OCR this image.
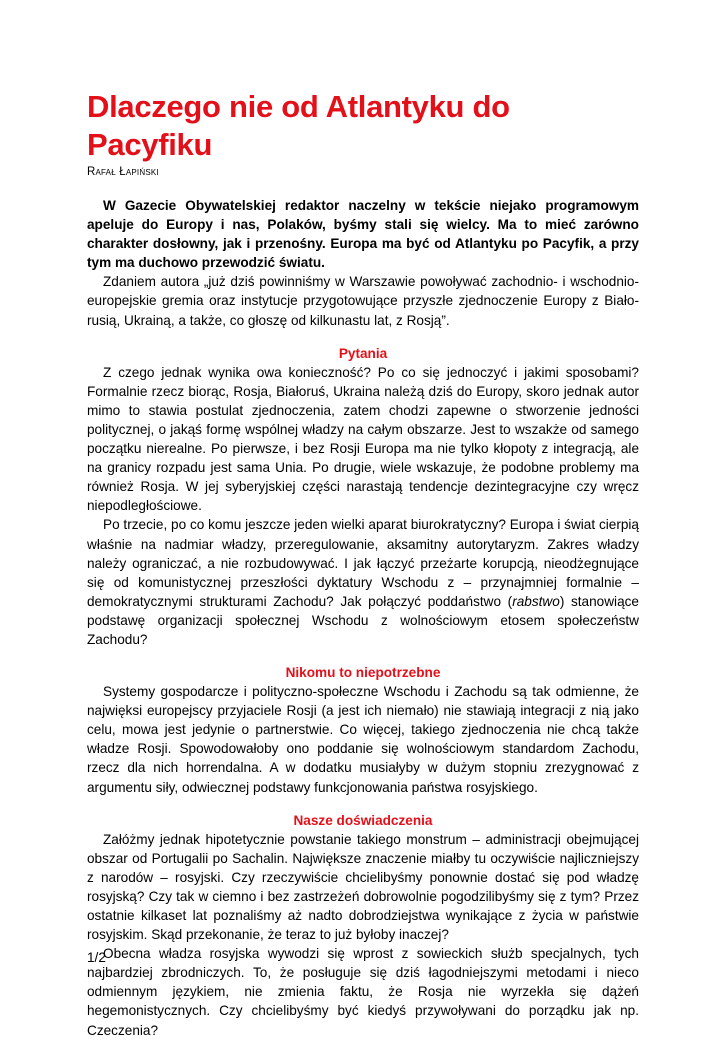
Dlaczego nie od Atlantyku do Pacyfiku
Rafał Łapiński

W Gazecie Obywatelskiej redaktor naczelny w tekście niejako programowym apeluje do Europy i nas, Polaków, byśmy stali się wielcy. Ma to mieć zarówno charakter dosłowny, jak i przenośny. Europa ma być od Atlantyku po Pacyfik, a przy tym ma duchowo przewodzić światu.

Zdaniem autora „już dziś powinniśmy w Warszawie powoływać zachodnio- i wschodnio-europejskie gremia oraz instytucje przygotowujące przyszłe zjednoczenie Europy z Biało-rusią, Ukrainą, a także, co głoszę od kilkunastu lat, z Rosją”.

Pytania

Z czego jednak wynika owa konieczność? Po co się jednoczyć i jakimi sposobami? Formalnie rzecz biorąc, Rosja, Białoruś, Ukraina należą dziś do Europy, skoro jednak autor mimo to stawia postulat zjednoczenia, zatem chodzi zapewne o stworzenie jedności politycznej, o jakąś formę wspólnej władzy na całym obszarze. Jest to wszakże od samego początku nierealne. Po pierwsze, i bez Rosji Europa ma nie tylko kłopoty z integracją, ale na granicy rozpadu jest sama Unia. Po drugie, wiele wskazuje, że podobne problemy ma również Rosja. W jej syberyjskiej części narastają tendencje dezintegracyjne czy wręcz niepodległościowe.

Po trzecie, po co komu jeszcze jeden wielki aparat biurokratyczny? Europa i świat cierpią właśnie na nadmiar władzy, przeregulowanie, aksamitny autorytaryzm. Zakres władzy należy ograniczać, a nie rozbudowywać. I jak łączyć przeżarte korupcją, nieodżegnujące się od komunistycznej przeszłości dyktatury Wschodu z – przynajmniej formalnie – demokratycznymi strukturami Zachodu? Jak połączyć poddaństwo (rabstwo) stanowiące podstawę organizacji społecznej Wschodu z wolnościowym etosem społeczeństw Zachodu?

Nikomu to niepotrzebne

Systemy gospodarcze i polityczno-społeczne Wschodu i Zachodu są tak odmienne, że najwięksi europejscy przyjaciele Rosji (a jest ich niemało) nie stawiają integracji z nią jako celu, mowa jest jedynie o partnerstwie. Co więcej, takiego zjednoczenia nie chcą także władze Rosji. Spowodowałoby ono poddanie się wolnościowym standardom Zachodu, rzecz dla nich horrendalna. A w dodatku musiałyby w dużym stopniu zrezygnować z argumentu siły, odwiecznej podstawy funkcjonowania państwa rosyjskiego.

Nasze doświadczenia

Załóżmy jednak hipotetycznie powstanie takiego monstrum – administracji obejmującej obszar od Portugalii po Sachalin. Największe znaczenie miałby tu oczywiście najliczniejszy z narodów – rosyjski. Czy rzeczywiście chcielibyśmy ponownie dostać się pod władzę rosyjską? Czy tak w ciemno i bez zastrzeżeń dobrowolnie pogodzilibyśmy się z tym? Przez ostatnie kilkaset lat poznaliśmy aż nadto dobrodziejstwa wynikające z życia w państwie rosyjskim. Skąd przekonanie, że teraz to już byłoby inaczej?

Obecna władza rosyjska wywodzi się wprost z sowieckich służb specjalnych, tych najbardziej zbrodniczych. To, że posługuje się dziś łagodniejszymi metodami i nieco odmiennym językiem, nie zmienia faktu, że Rosja nie wyrzekła się dążeń hegemonistycznych. Czy chcielibyśmy być kiedyś przywoływani do porządku jak np. Czeczenia?

1/2
